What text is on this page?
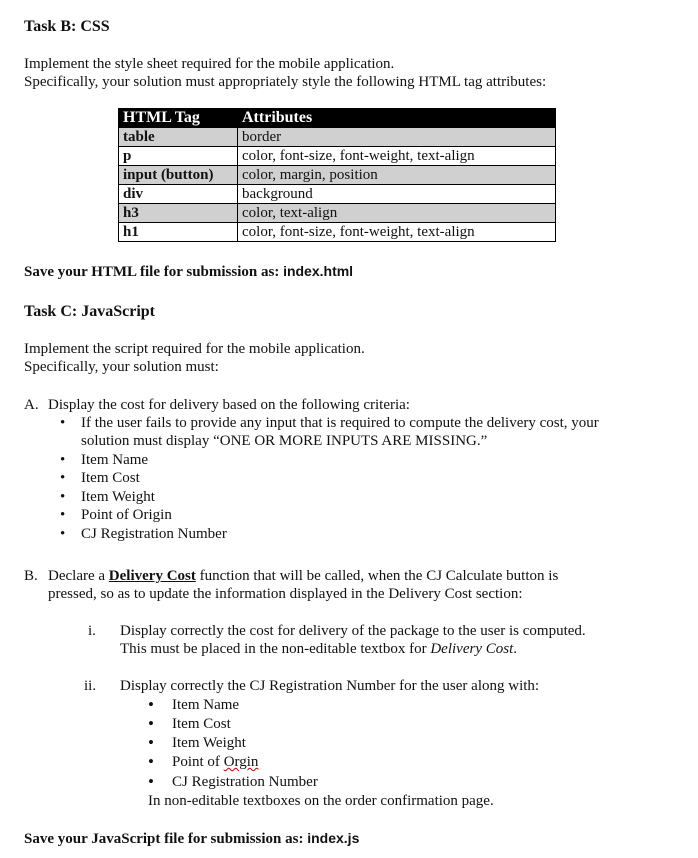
Task B: CSS
Implement the style sheet required for the mobile application.
Specifically, your solution must appropriately style the following HTML tag attributes:
HTML Tag	Attributes
table	border
p	color, font-size, font-weight, text-align
input (button)	color, margin, position
div	background
h3	color, text-align
h1	color, font-size, font-weight, text-align
Save your HTML file for submission as: index.html
Task C: JavaScript
Implement the script required for the mobile application.
Specifically, your solution must:
A. Display the cost for delivery based on the following criteria:
• If the user fails to provide any input that is required to compute the delivery cost, your
solution must display “ONE OR MORE INPUTS ARE MISSING.”
• Item Name
• Item Cost
• Item Weight
• Point of Origin
• CJ Registration Number
B. Declare a Delivery Cost function that will be called, when the CJ Calculate button is
pressed, so as to update the information displayed in the Delivery Cost section:
i. Display correctly the cost for delivery of the package to the user is computed.
This must be placed in the non-editable textbox for Delivery Cost.
ii. Display correctly the CJ Registration Number for the user along with:
• Item Name
• Item Cost
• Item Weight
• Point of Orgin
• CJ Registration Number
In non-editable textboxes on the order confirmation page.
Save your JavaScript file for submission as: index.js
